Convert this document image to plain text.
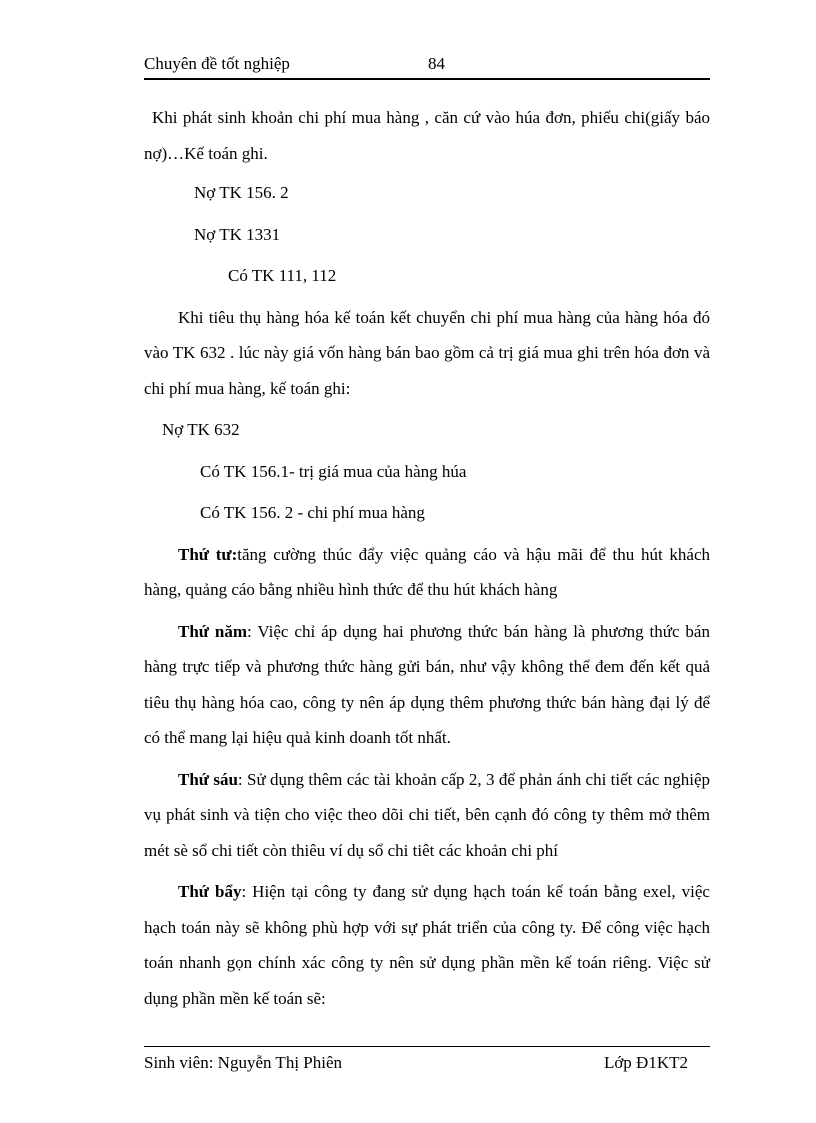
Chuyên đề tốt nghiệp	84

Khi phát sinh khoản chi phí mua hàng , căn cứ vào húa đơn, phiếu chi(giấy báo nợ)…Kế toán ghi.

Nợ TK 156. 2

Nợ TK 1331

Có TK 111, 112

Khi tiêu thụ hàng hóa kế toán kết chuyển chi phí mua hàng của hàng hóa đó vào TK 632 . lúc này giá vốn hàng bán bao gồm cả trị giá mua ghi trên hóa đơn và chi phí mua hàng, kế toán ghi:

Nợ TK 632

Có TK 156.1- trị giá mua của hàng húa

Có TK 156. 2 - chi phí mua hàng

Thứ tư:tăng cường thúc đẩy việc quảng cáo và hậu mãi để thu hút khách hàng, quảng cáo bằng nhiều hình thức để thu hút khách hàng

Thứ năm: Việc chỉ áp dụng hai phương thức bán hàng là phương thức bán hàng trực tiếp và phương thức hàng gửi bán, như vậy không thể đem đến kết quả tiêu thụ hàng hóa cao, công ty nên áp dụng thêm phương thức bán hàng đại lý để có thể mang lại hiệu quả kinh doanh tốt nhất.

Thứ sáu: Sử dụng thêm các tài khoản cấp 2, 3 để phản ánh chi tiết các nghiệp vụ phát sinh và tiện cho việc theo dõi chi tiết, bên cạnh đó công ty thêm mở thêm mét sè sổ chi tiết còn thiêu ví dụ sổ chi tiêt các khoản chi phí

Thứ bẩy: Hiện tại công ty đang sử dụng hạch toán kế toán bằng exel, việc hạch toán này sẽ không phù hợp với sự phát triển của công ty. Để công việc hạch toán nhanh gọn chính xác công ty nên sử dụng phần mền kế toán riêng. Việc sử dụng phần mền kế toán sẽ:

Sinh viên: Nguyễn Thị Phiên	Lớp Đ1KT2
